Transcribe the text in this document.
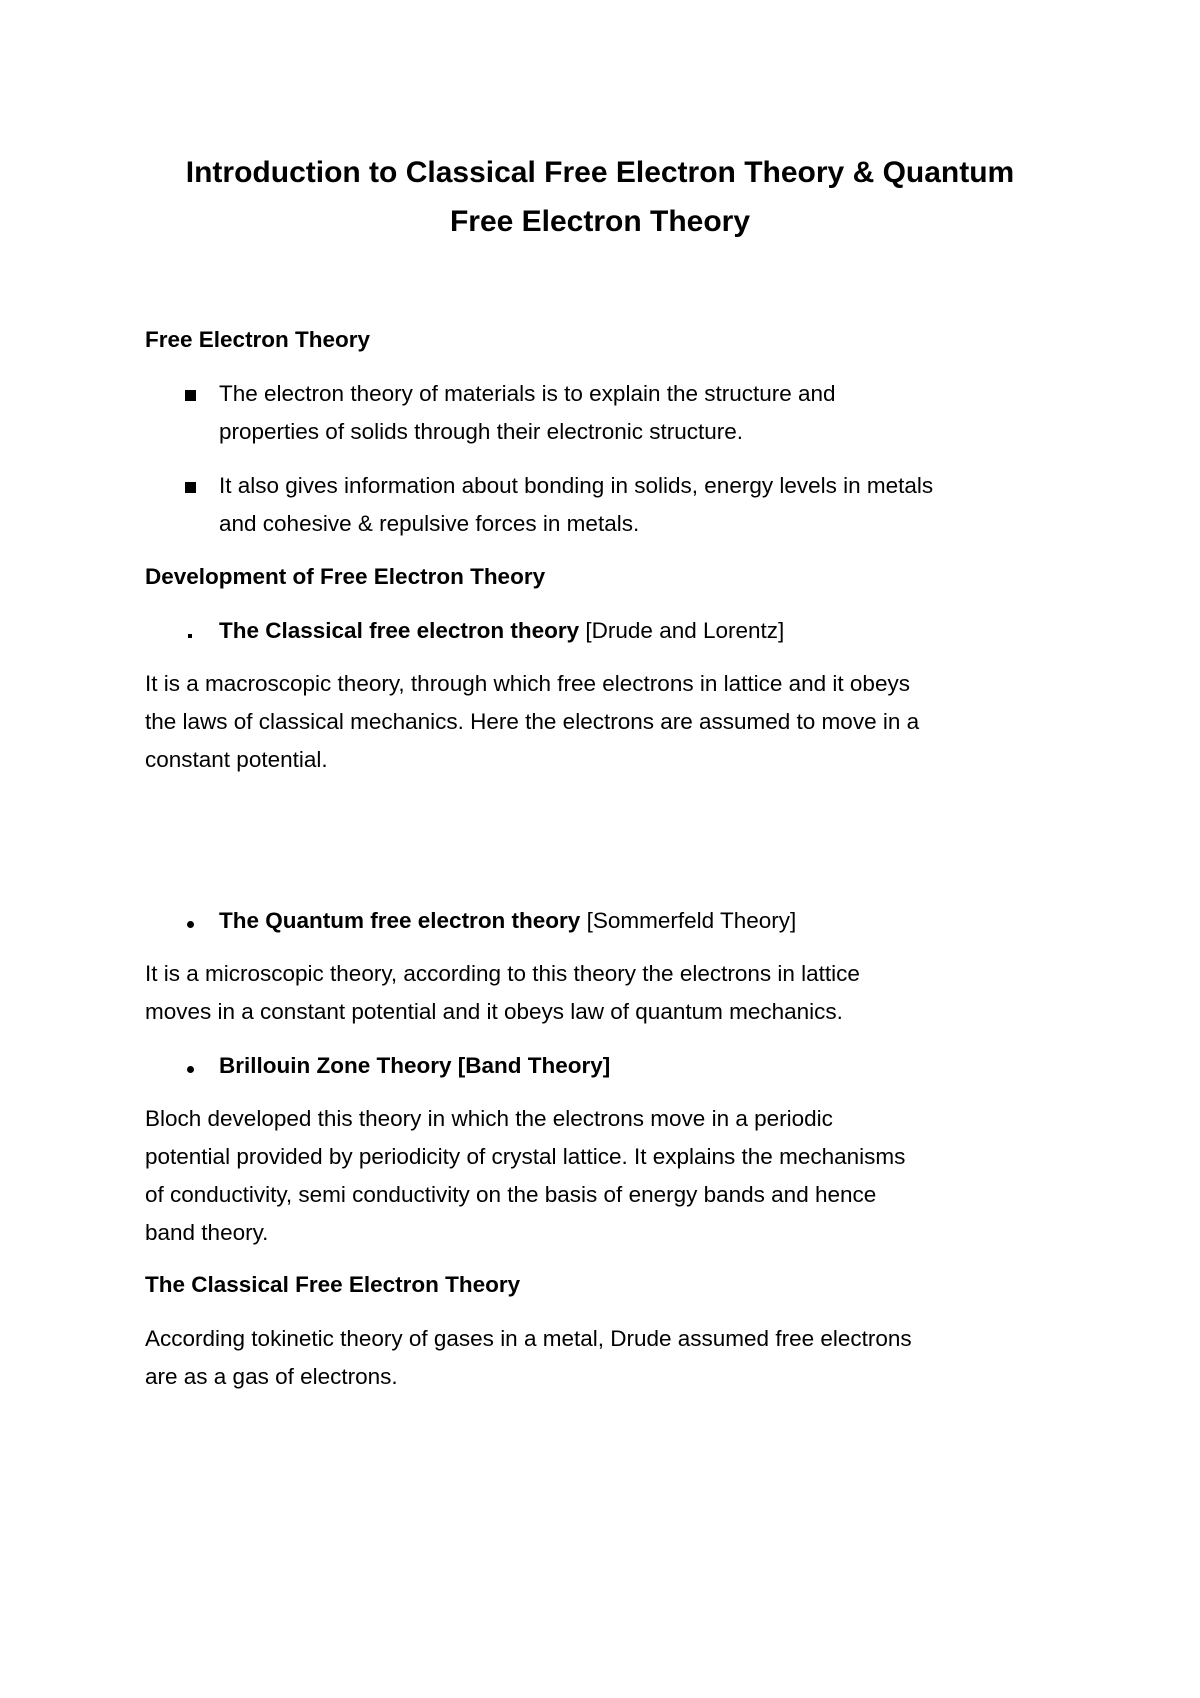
Introduction to Classical Free Electron Theory & Quantum
Free Electron Theory
Free Electron Theory
The electron theory of materials is to explain the structure and
properties of solids through their electronic structure.
It also gives information about bonding in solids, energy levels in metals
and cohesive & repulsive forces in metals.
Development of Free Electron Theory
The Classical free electron theory [Drude and Lorentz]
It is a macroscopic theory, through which free electrons in lattice and it obeys
the laws of classical mechanics. Here the electrons are assumed to move in a
constant potential.
The Quantum free electron theory [Sommerfeld Theory]
It is a microscopic theory, according to this theory the electrons in lattice
moves in a constant potential and it obeys law of quantum mechanics.
Brillouin Zone Theory [Band Theory]
Bloch developed this theory in which the electrons move in a periodic
potential provided by periodicity of crystal lattice. It explains the mechanisms
of conductivity, semi conductivity on the basis of energy bands and hence
band theory.
The Classical Free Electron Theory
According tokinetic theory of gases in a metal, Drude assumed free electrons
are as a gas of electrons.
